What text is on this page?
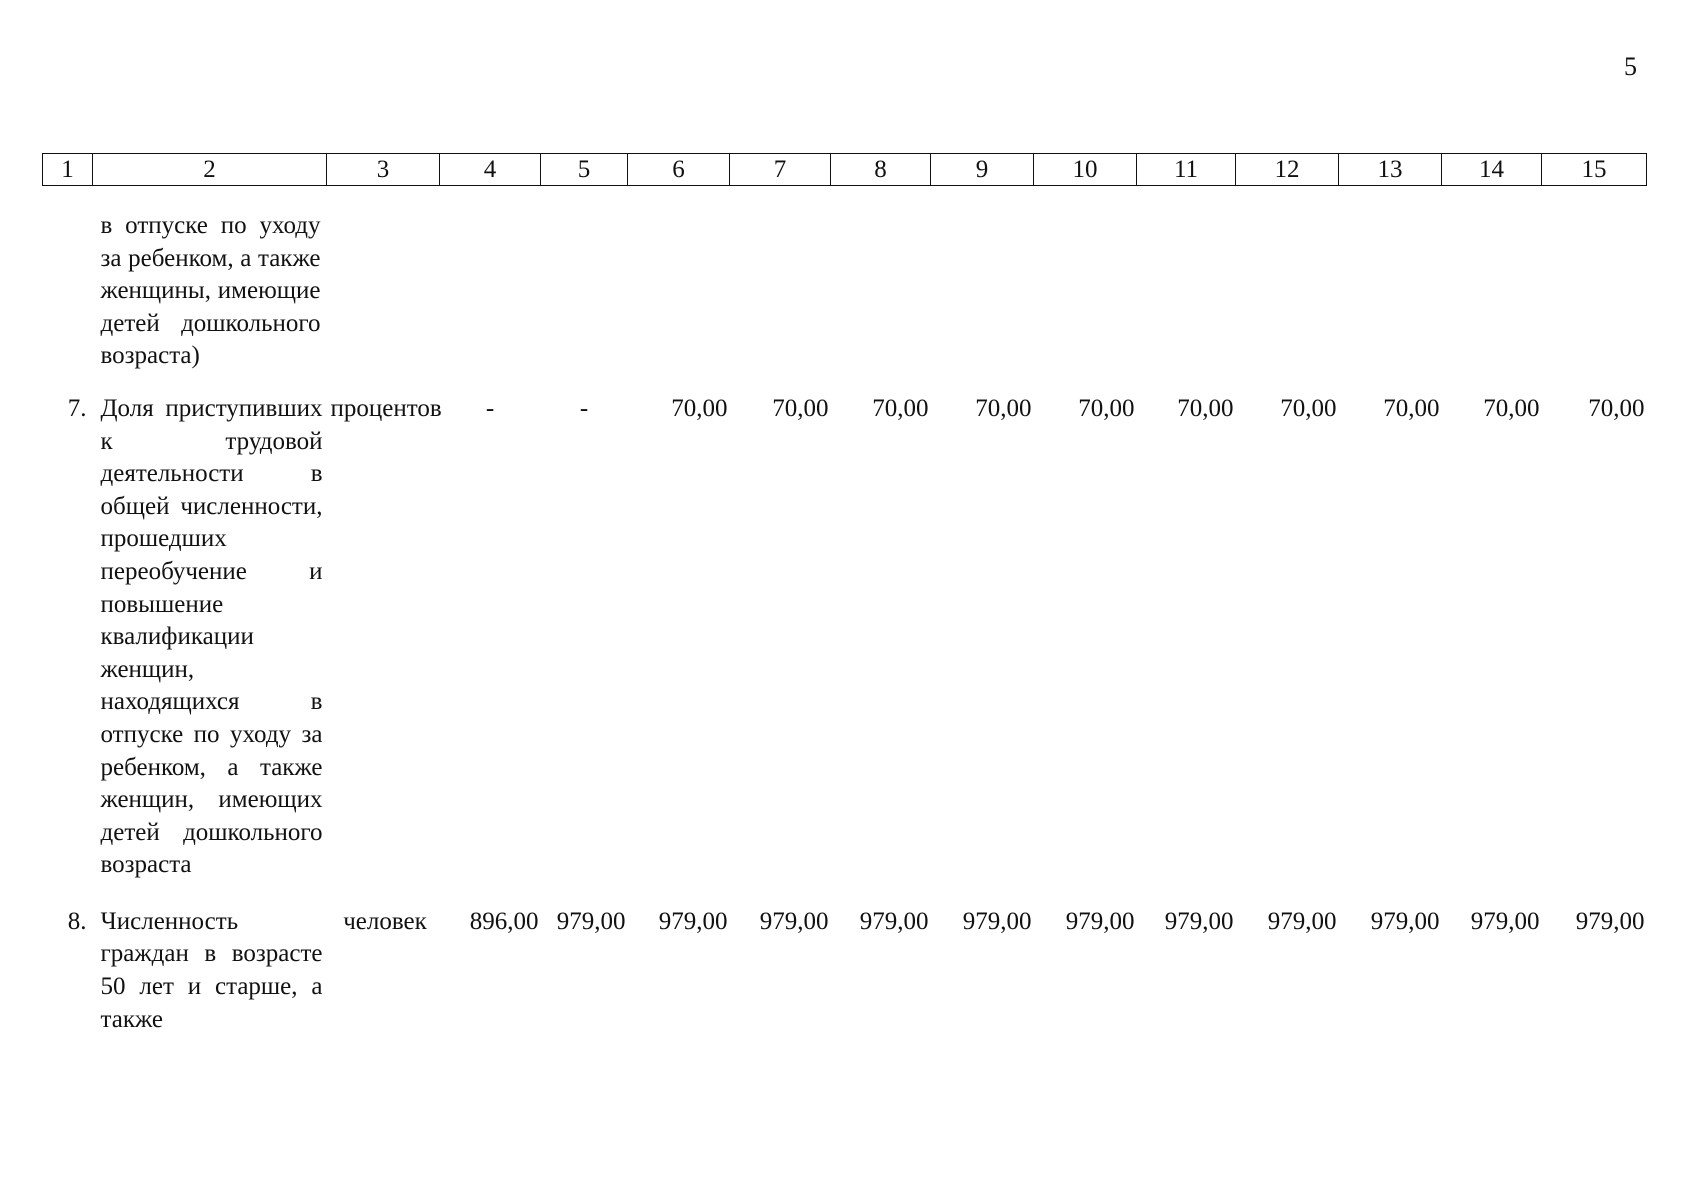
5
1	2	3	4	5	6	7	8	9	10	11	12	13	14	15
	в отпуске по уходу за ребенком, а также женщины, имеющие детей дошкольного возраста)													
7.	Доля приступивших к трудовой деятельности в общей численности, прошедших переобучение и повышение квалификации женщин, находящихся в отпуске по уходу за ребенком, а также женщин, имеющих детей дошкольного возраста	процентов	-	-	70,00	70,00	70,00	70,00	70,00	70,00	70,00	70,00	70,00	70,00
8.	Численность граждан в возрасте 50 лет и старше, а также	человек	896,00	979,00	979,00	979,00	979,00	979,00	979,00	979,00	979,00	979,00	979,00	979,00
